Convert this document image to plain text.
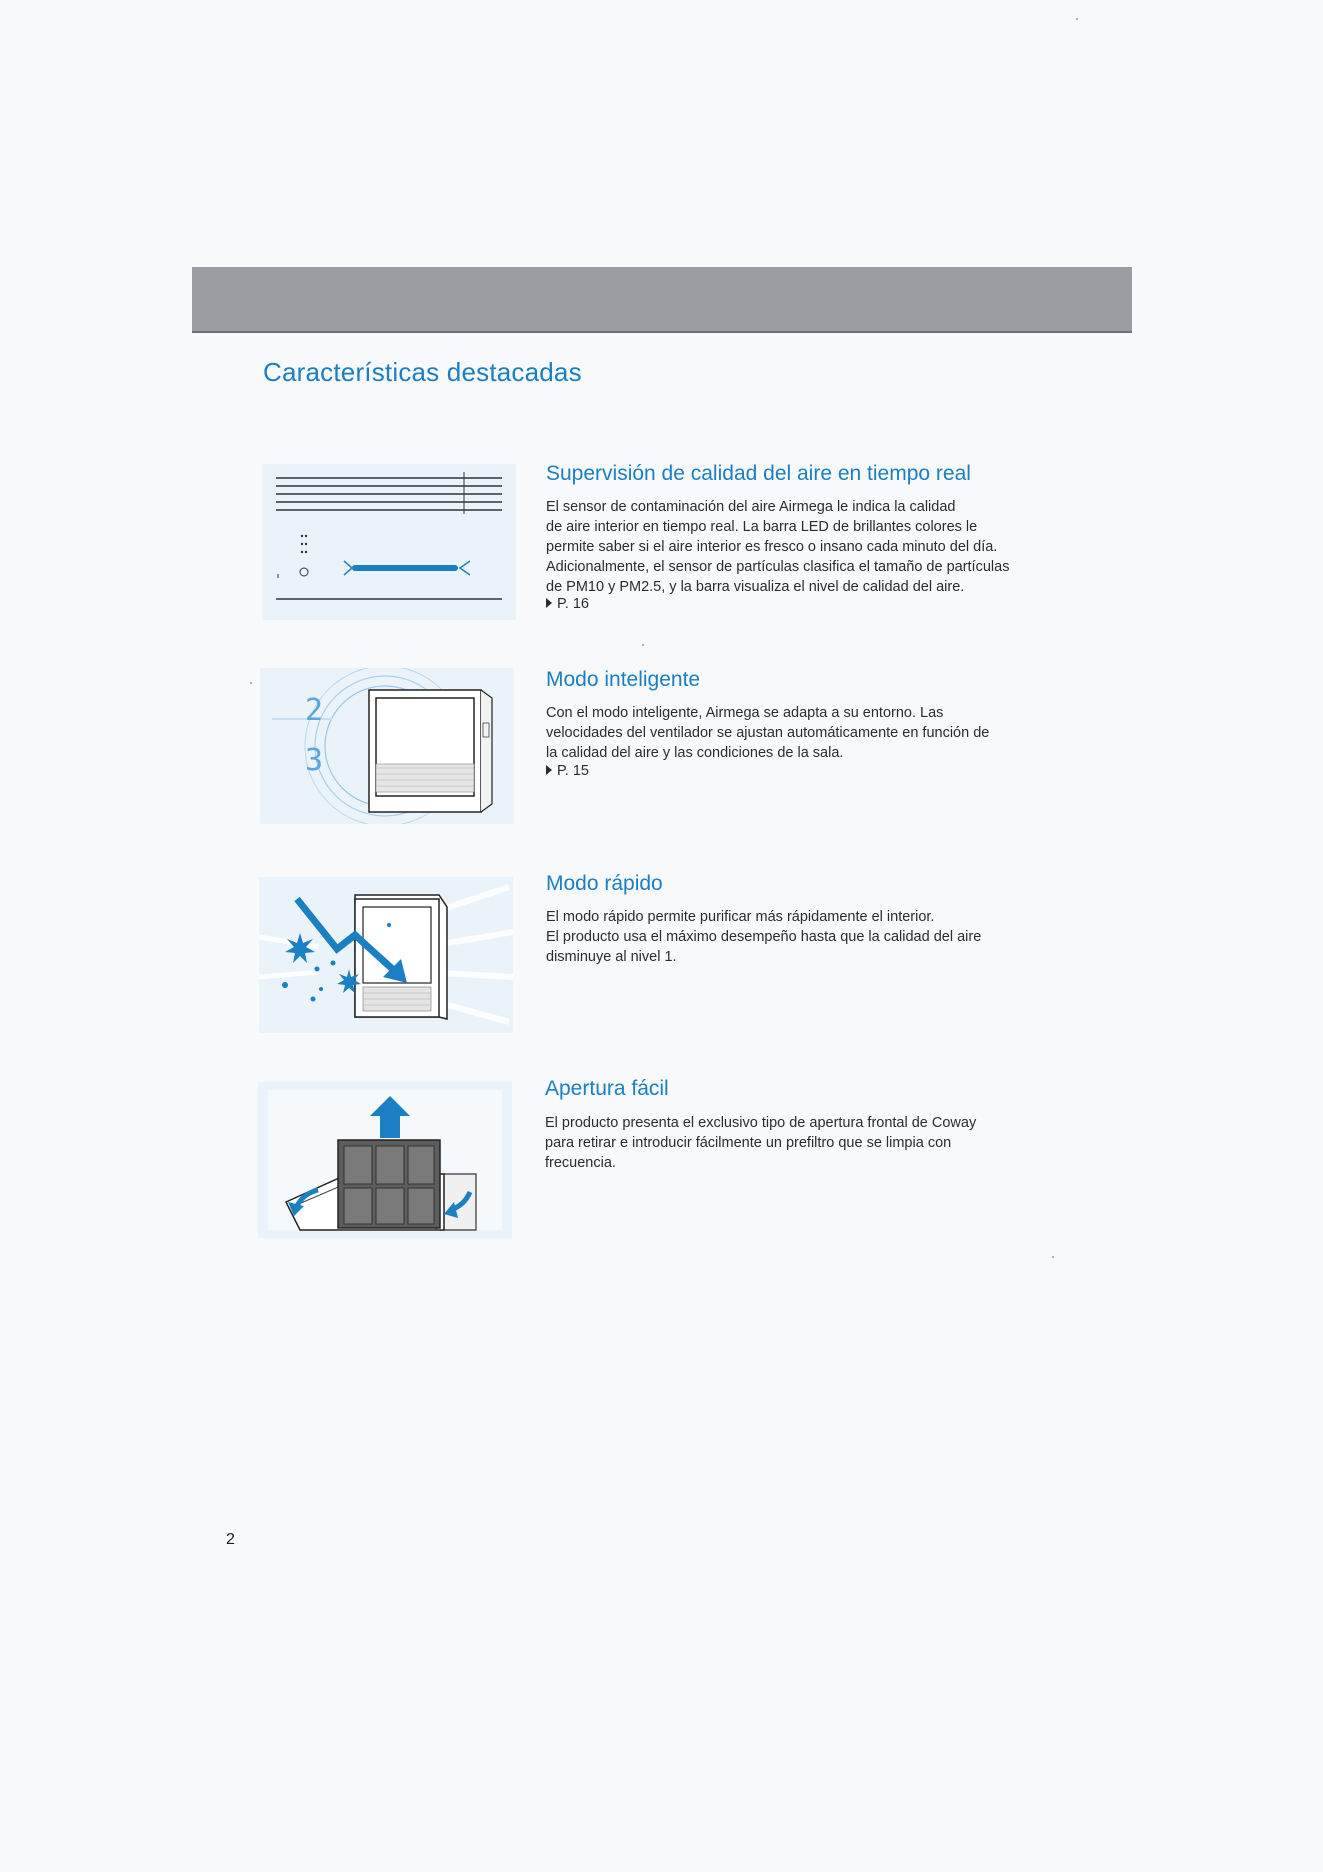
Características destacadas
Supervisión de calidad del aire en tiempo real
El sensor de contaminación del aire Airmega le indica la calidad
de aire interior en tiempo real. La barra LED de brillantes colores le
permite saber si el aire interior es fresco o insano cada minuto del día.
Adicionalmente, el sensor de partículas clasifica el tamaño de partículas
de PM10 y PM2.5, y la barra visualiza el nivel de calidad del aire.
P. 16
2
3
Modo inteligente
Con el modo inteligente, Airmega se adapta a su entorno. Las
velocidades del ventilador se ajustan automáticamente en función de
la calidad del aire y las condiciones de la sala.
P. 15
Modo rápido
El modo rápido permite purificar más rápidamente el interior.
El producto usa el máximo desempeño hasta que la calidad del aire
disminuye al nivel 1.
Apertura fácil
El producto presenta el exclusivo tipo de apertura frontal de Coway
para retirar e introducir fácilmente un prefiltro que se limpia con
frecuencia.
2
